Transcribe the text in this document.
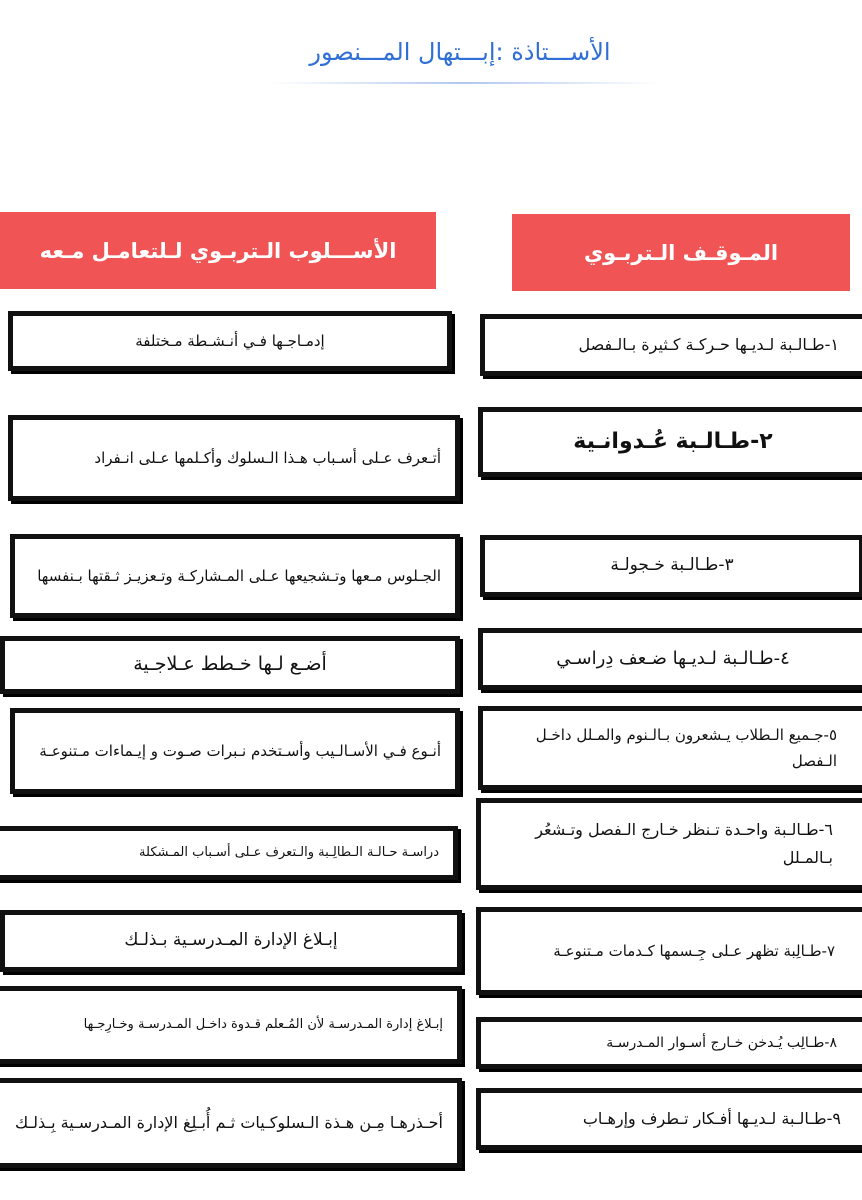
الأســـتاذة :إبـــتهال المـــنصور
الأســـلوب الـتربـوي لـلتعامـل مـعه	المـوقـف الـتربـوي
١-طـالـبة لـديـها حـركـة كـثيرة بـالـفصل
٢-طـالـبة عُـدوانـية
٣-طـالـبة خـجولـة
٤-طـالـبة لـديـها ضـعف دِراسـي
٥-جـميع الـطلاب يـشعرون بـالـنوم والمـلل داخـل الـفصل
٦-طـالـبة واحـدة تـنظر خـارج الـفصل وتـشعُر بـالمـلل
٧-طـالِبة تظهر عـلى جِـسمها كـدمات مـتنوعـة
٨-طـالِب يُـدخن خـارج أسـوار المـدرسـة
٩-طـالـبة لـديـها أفـكار تـطرف وإرهـاب
إدمـاجـها فـي أنـشـطة مـختلفة
أتـعرف عـلى أسـباب هـذا الـسلوك وأكـلمها عـلى انـفراد
الجـلوس مـعها وتـشجيعها عـلى المـشاركـة وتـعزيـز ثـقتها بـنفسها
أضـع لـها خـطط عـلاجـية
أنـوع فـي الأسـالـيب وأسـتخدم نـبرات صـوت و إيـماءات مـتنوعـة
دراسـة حـالـة الـطالِـبة والـتعرف عـلى أسـباب المـشكلة
إبـلاغ الإدارة المـدرسـية بـذلـك
إبـلاغ إدارة المـدرسـة لأن المُـعلم قـدوة داخـل المـدرسـة وخـارِجـها
أحـذرهـا مِـن هـذة الـسلوكـيات ثـم أُبـلِغ الإدارة المـدرسـية بِـذلـك
